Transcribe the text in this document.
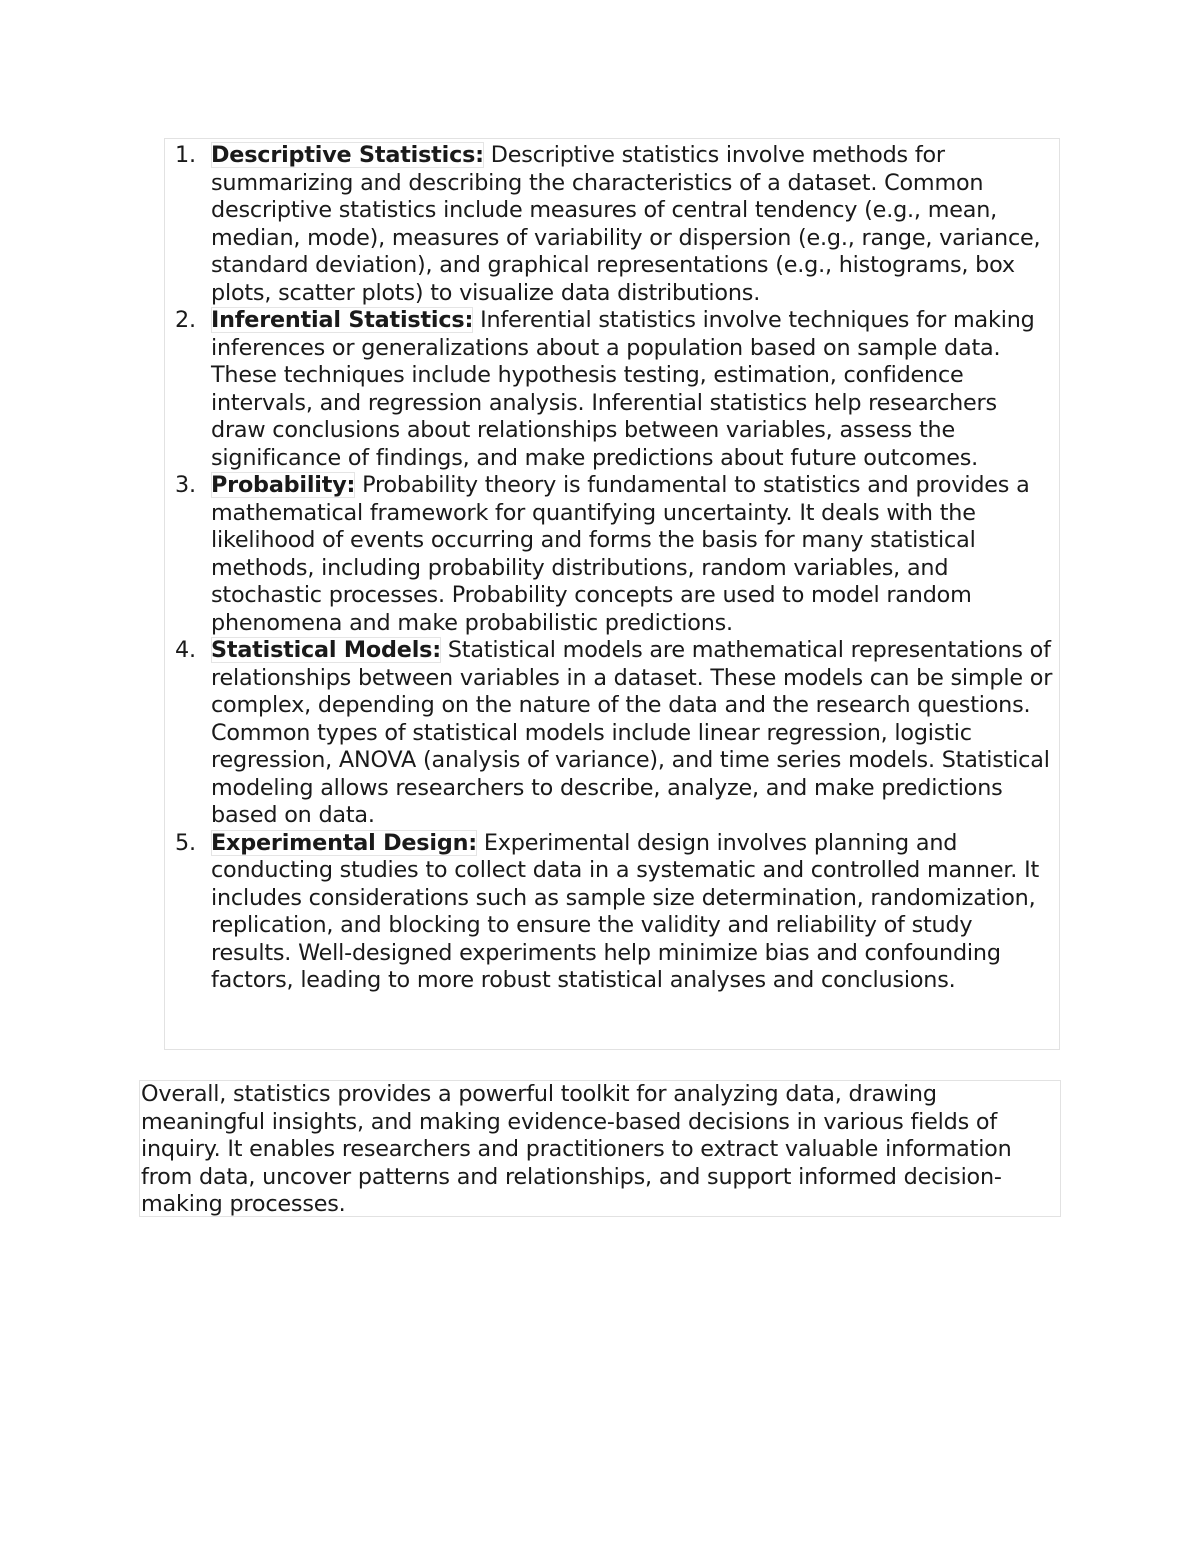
1. Descriptive Statistics: Descriptive statistics involve methods for summarizing and describing the characteristics of a dataset. Common descriptive statistics include measures of central tendency (e.g., mean, median, mode), measures of variability or dispersion (e.g., range, variance, standard deviation), and graphical representations (e.g., histograms, box plots, scatter plots) to visualize data distributions.
2. Inferential Statistics: Inferential statistics involve techniques for making inferences or generalizations about a population based on sample data. These techniques include hypothesis testing, estimation, confidence intervals, and regression analysis. Inferential statistics help researchers draw conclusions about relationships between variables, assess the significance of findings, and make predictions about future outcomes.
3. Probability: Probability theory is fundamental to statistics and provides a mathematical framework for quantifying uncertainty. It deals with the likelihood of events occurring and forms the basis for many statistical methods, including probability distributions, random variables, and stochastic processes. Probability concepts are used to model random phenomena and make probabilistic predictions.
4. Statistical Models: Statistical models are mathematical representations of relationships between variables in a dataset. These models can be simple or complex, depending on the nature of the data and the research questions. Common types of statistical models include linear regression, logistic regression, ANOVA (analysis of variance), and time series models. Statistical modeling allows researchers to describe, analyze, and make predictions based on data.
5. Experimental Design: Experimental design involves planning and conducting studies to collect data in a systematic and controlled manner. It includes considerations such as sample size determination, randomization, replication, and blocking to ensure the validity and reliability of study results. Well-designed experiments help minimize bias and confounding factors, leading to more robust statistical analyses and conclusions.

Overall, statistics provides a powerful toolkit for analyzing data, drawing meaningful insights, and making evidence-based decisions in various fields of inquiry. It enables researchers and practitioners to extract valuable information from data, uncover patterns and relationships, and support informed decision-making processes.
